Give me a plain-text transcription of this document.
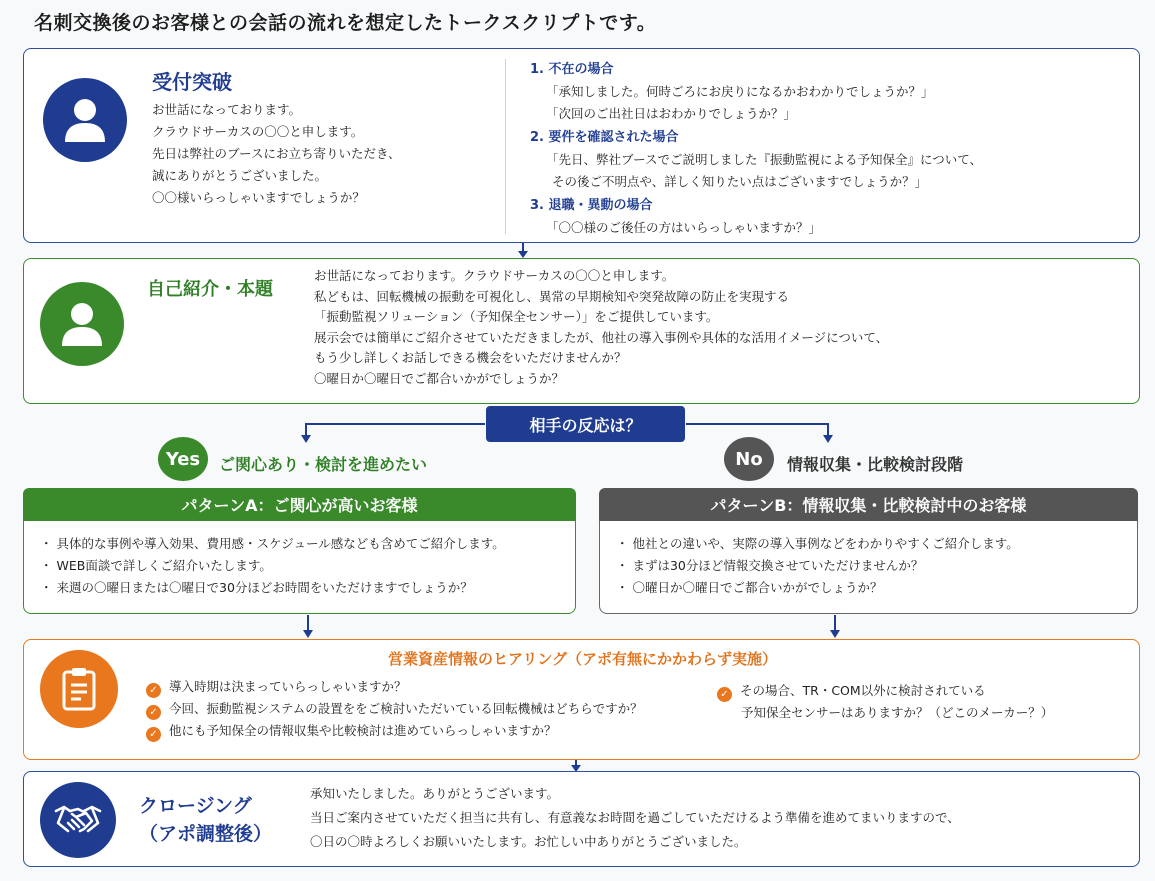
名刺交換後のお客様との会話の流れを想定したトークスクリプトです。
受付突破
お世話になっております。
クラウドサーカスの〇〇と申します。
先日は弊社のブースにお立ち寄りいただき、
誠にありがとうございました。
〇〇様いらっしゃいますでしょうか？
1. 不在の場合
「承知しました。何時ごろにお戻りになるかおわかりでしょうか？」
「次回のご出社日はおわかりでしょうか？」
2. 要件を確認された場合
「先日、弊社ブースでご説明しました『振動監視による予知保全』について、
その後ご不明点や、詳しく知りたい点はございますでしょうか？」
3. 退職・異動の場合
「〇〇様のご後任の方はいらっしゃいますか？」
自己紹介・本題
お世話になっております。クラウドサーカスの〇〇と申します。
私どもは、回転機械の振動を可視化し、異常の早期検知や突発故障の防止を実現する
「振動監視ソリューション（予知保全センサー）」をご提供しています。
展示会では簡単にご紹介させていただきましたが、他社の導入事例や具体的な活用イメージについて、
もう少し詳しくお話しできる機会をいただけませんか？
〇曜日か〇曜日でご都合いかがでしょうか？
相手の反応は？
Yes	ご関心あり・検討を進めたい	No	情報収集・比較検討段階
パターンA：ご関心が高いお客様
・ 具体的な事例や導入効果、費用感・スケジュール感なども含めてご紹介します。
・ WEB面談で詳しくご紹介いたします。
・ 来週の〇曜日または〇曜日で30分ほどお時間をいただけますでしょうか？
パターンB：情報収集・比較検討中のお客様
・ 他社との違いや、実際の導入事例などをわかりやすくご紹介します。
・ まずは30分ほど情報交換させていただけませんか？
・ 〇曜日か〇曜日でご都合いかがでしょうか？
営業資産情報のヒアリング（アポ有無にかかわらず実施）
✓ 導入時期は決まっていらっしゃいますか？
✓ 今回、振動監視システムの設置ををご検討いただいている回転機械はどちらですか？
✓ 他にも予知保全の情報収集や比較検討は進めていらっしゃいますか？
✓ その場合、TR・COM以外に検討されている
予知保全センサーはありますか？（どこのメーカー？）
クロージング
（アポ調整後）
承知いたしました。ありがとうございます。
当日ご案内させていただく担当に共有し、有意義なお時間を過ごしていただけるよう準備を進めてまいりますので、
〇日の〇時よろしくお願いいたします。お忙しい中ありがとうございました。
